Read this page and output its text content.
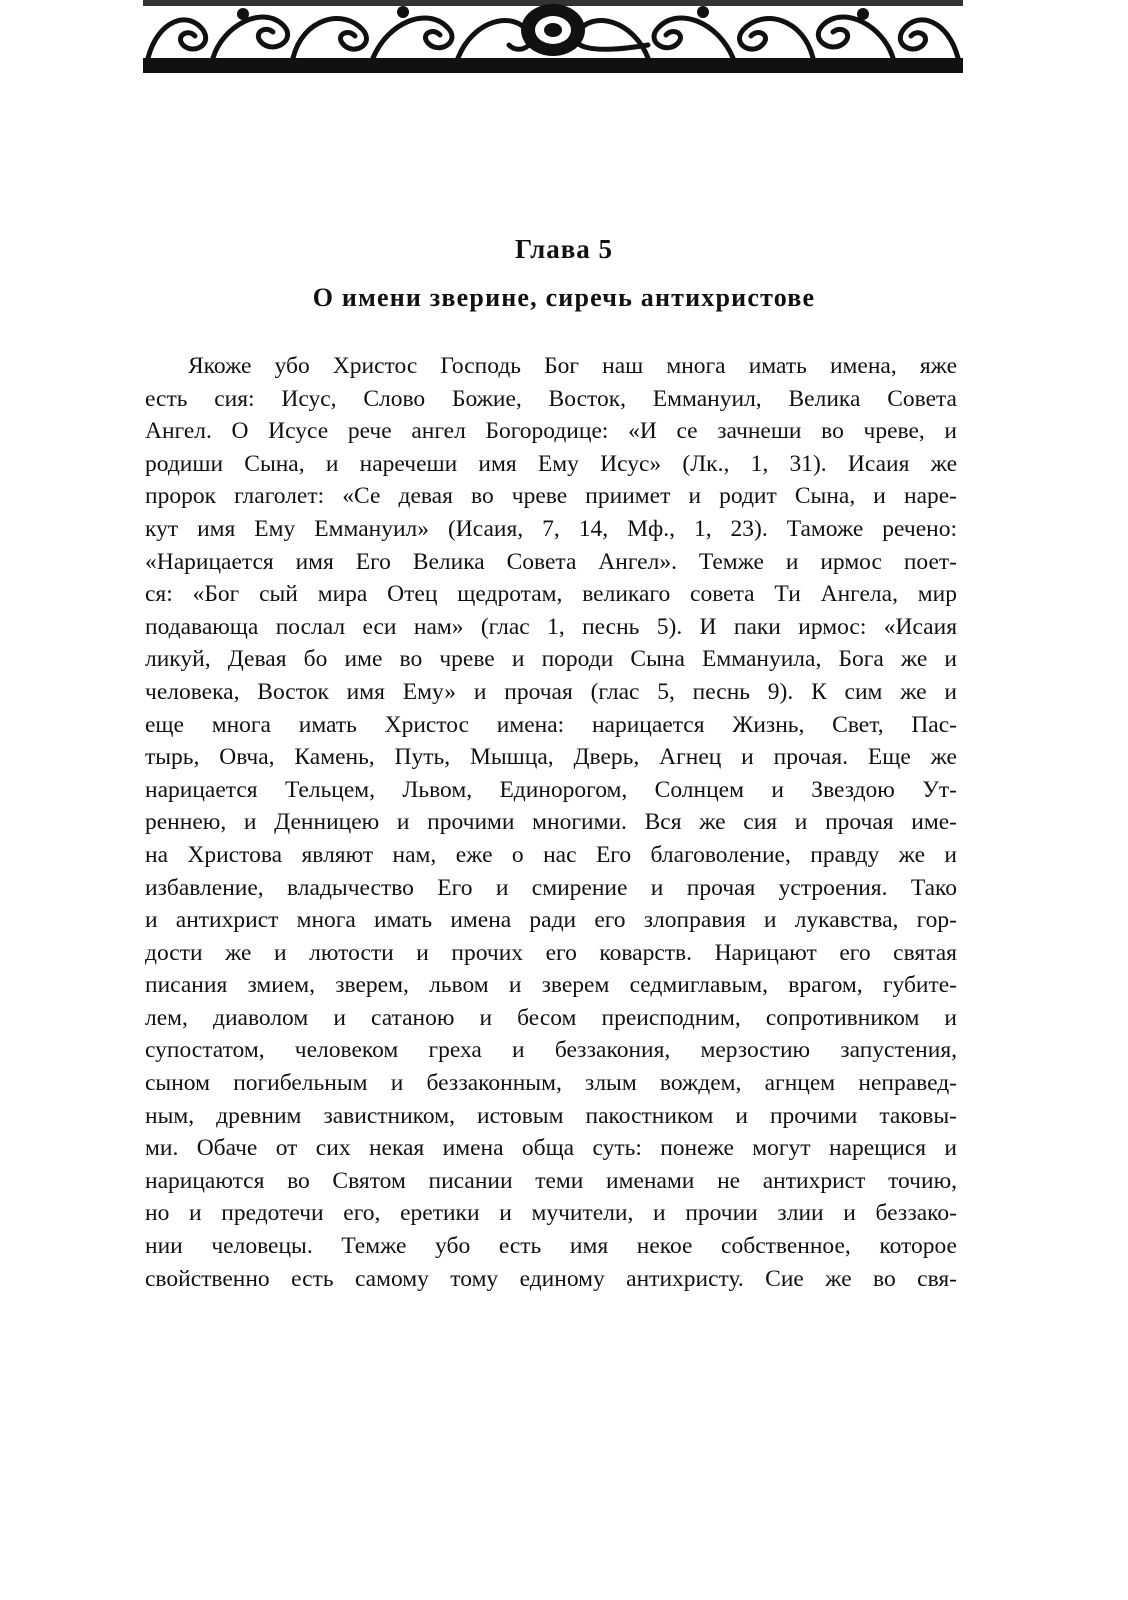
Глава 5
О имени зверине, сиречь антихристове
Якоже убо Христос Господь Бог наш многа имать имена, яже
есть сия: Исус, Слово Божие, Восток, Еммануил, Велика Совета
Ангел. О Исусе рече ангел Богородице: «И се зачнеши во чреве, и
родиши Сына, и наречеши имя Ему Исус» (Лк., 1, 31). Исаия же
пророк глаголет: «Се девая во чреве приимет и родит Сына, и наре-
кут имя Ему Еммануил» (Исаия, 7, 14, Мф., 1, 23). Таможе речено:
«Нарицается имя Его Велика Совета Ангел». Темже и ирмос поет-
ся: «Бог сый мира Отец щедротам, великаго совета Ти Ангела, мир
подавающа послал еси нам» (глас 1, песнь 5). И паки ирмос: «Исаия
ликуй, Девая бо име во чреве и породи Сына Еммануила, Бога же и
человека, Восток имя Ему» и прочая (глас 5, песнь 9). К сим же и
еще многа имать Христос имена: нарицается Жизнь, Свет, Пас-
тырь, Овча, Камень, Путь, Мышца, Дверь, Агнец и прочая. Еще же
нарицается Тельцем, Львом, Единорогом, Солнцем и Звездою Ут-
реннею, и Денницею и прочими многими. Вся же сия и прочая име-
на Христова являют нам, еже о нас Его благоволение, правду же и
избавление, владычество Его и смирение и прочая устроения. Тако
и антихрист многа имать имена ради его злоправия и лукавства, гор-
дости же и лютости и прочих его коварств. Нарицают его святая
писания змием, зверем, львом и зверем седмиглавым, врагом, губите-
лем, диаволом и сатаною и бесом преисподним, сопротивником и
супостатом, человеком греха и беззакония, мерзостию запустения,
сыном погибельным и беззаконным, злым вождем, агнцем неправед-
ным, древним завистником, истовым пакостником и прочими таковы-
ми. Обаче от сих некая имена обща суть: понеже могут нарещися и
нарицаются во Святом писании теми именами не антихрист точию,
но и предотечи его, еретики и мучители, и прочии злии и беззако-
нии человецы. Темже убо есть имя некое собственное, которое
свойственно есть самому тому единому антихристу. Сие же во свя-
